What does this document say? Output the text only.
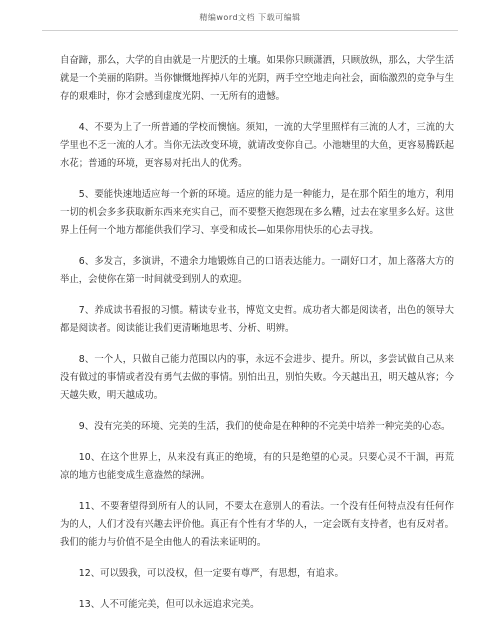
精编word文档 下载可编辑

自奋蹄，那么，大学的自由就是一片肥沃的土壤。如果你只顾潇洒，只顾放纵，那么，大学生活就是一个美丽的陷阱。当你慷慨地挥掉八年的光阴，两手空空地走向社会，面临激烈的竞争与生存的艰难时，你才会感到虚度光阴、一无所有的遗憾。

4、不要为上了一所普通的学校而懊恼。须知，一流的大学里照样有三流的人才，三流的大学里也不乏一流的人才。当你无法改变环境，就请改变你自己。小池塘里的大鱼，更容易腾跃起水花；普通的环境，更容易对托出人的优秀。

5、要能快速地适应每一个新的环境。适应的能力是一种能力，是在那个陌生的地方，利用一切的机会多多获取新东西来充实自己，而不要整天抱怨现在多么糟，过去在家里多么好。这世界上任何一个地方都能供我们学习、享受和成长—如果你用快乐的心去寻找。

6、多发言，多演讲，不遗余力地锻炼自己的口语表达能力。一副好口才，加上落落大方的举止，会使你在第一时间就受到别人的欢迎。

7、养成读书看报的习惯。精读专业书，博览文史哲。成功者大都是阅读者，出色的领导大都是阅读者。阅读能让我们更清晰地思考、分析、明辨。

8、一个人，只做自己能力范围以内的事，永远不会进步、提升。所以，多尝试做自己从来没有做过的事情或者没有勇气去做的事情。别怕出丑，别怕失败。今天越出丑，明天越从容；今天越失败，明天越成功。

9、没有完美的环境、完美的生活，我们的使命是在种种的不完美中培养一种完美的心态。

10、在这个世界上，从来没有真正的绝境，有的只是绝望的心灵。只要心灵不干涸，再荒凉的地方也能变成生意盎然的绿洲。

11、不要奢望得到所有人的认同，不要太在意别人的看法。一个没有任何特点没有任何作为的人，人们才没有兴趣去评价他。真正有个性有才华的人，一定会既有支持者，也有反对者。我们的能力与价值不是全由他人的看法来证明的。

12、可以毁我，可以没权，但一定要有尊严，有思想，有追求。

13、人不可能完美，但可以永远追求完美。
